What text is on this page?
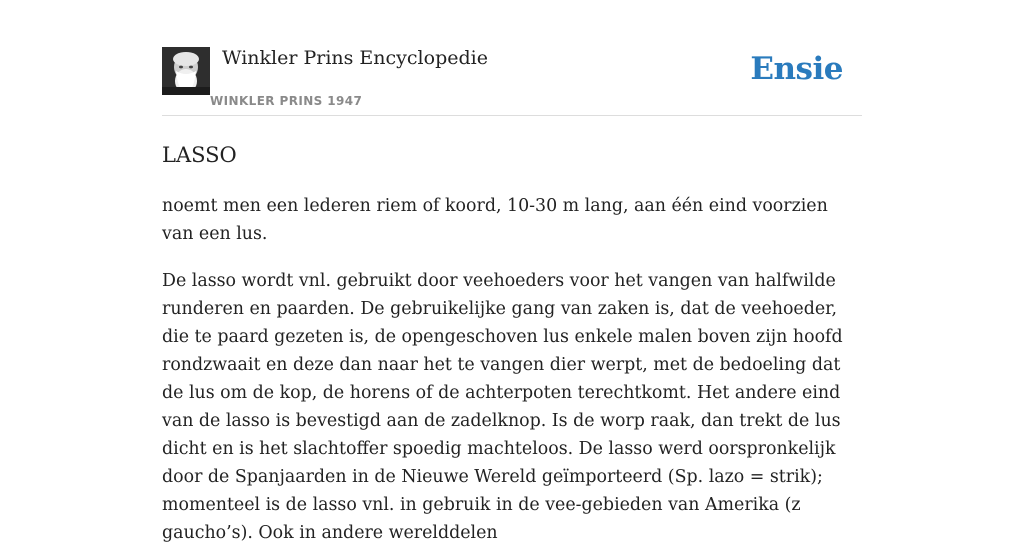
Winkler Prins Encyclopedie
WINKLER PRINS 1947
Ensie
LASSO

noemt men een lederen riem of koord, 10-30 m lang, aan één eind voorzien van een lus.

De lasso wordt vnl. gebruikt door veehoeders voor het vangen van halfwilde runderen en paarden. De gebruikelijke gang van zaken is, dat de veehoeder, die te paard gezeten is, de opengeschoven lus enkele malen boven zijn hoofd rondzwaait en deze dan naar het te vangen dier werpt, met de bedoeling dat de lus om de kop, de horens of de achterpoten terechtkomt. Het andere eind van de lasso is bevestigd aan de zadelknop. Is de worp raak, dan trekt de lus dicht en is het slachtoffer spoedig machteloos. De lasso werd oorspronkelijk door de Spanjaarden in de Nieuwe Wereld geïmporteerd (Sp. lazo = strik); momenteel is de lasso vnl. in gebruik in de vee-gebieden van Amerika (z gaucho’s). Ook in andere werelddelen
